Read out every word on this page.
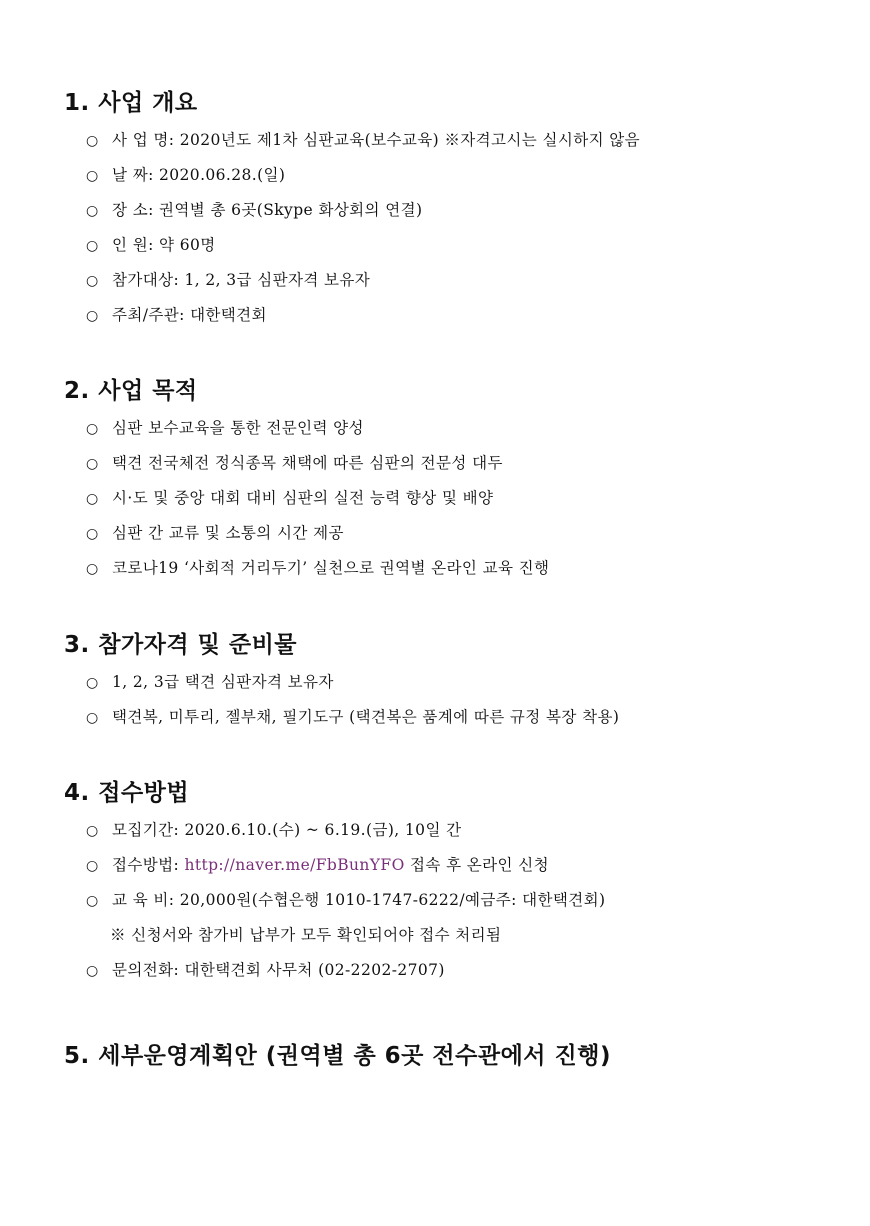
1. 사업 개요
○ 사 업 명: 2020년도 제1차 심판교육(보수교육) ※자격고시는 실시하지 않음
○ 날 짜: 2020.06.28.(일)
○ 장 소: 권역별 총 6곳(Skype 화상회의 연결)
○ 인 원: 약 60명
○ 참가대상: 1, 2, 3급 심판자격 보유자
○ 주최/주관: 대한택견회
2. 사업 목적
○ 심판 보수교육을 통한 전문인력 양성
○ 택견 전국체전 정식종목 채택에 따른 심판의 전문성 대두
○ 시·도 및 중앙 대회 대비 심판의 실전 능력 향상 및 배양
○ 심판 간 교류 및 소통의 시간 제공
○ 코로나19 ‘사회적 거리두기’ 실천으로 권역별 온라인 교육 진행
3. 참가자격 및 준비물
○ 1, 2, 3급 택견 심판자격 보유자
○ 택견복, 미투리, 젤부채, 필기도구 (택견복은 품계에 따른 규정 복장 착용)
4. 접수방법
○ 모집기간: 2020.6.10.(수) ~ 6.19.(금), 10일 간
○ 접수방법: http://naver.me/FbBunYFO 접속 후 온라인 신청
○ 교 육 비: 20,000원(수협은행 1010-1747-6222/예금주: 대한택견회)
※ 신청서와 참가비 납부가 모두 확인되어야 접수 처리됨
○ 문의전화: 대한택견회 사무처 (02-2202-2707)
5. 세부운영계획안 (권역별 총 6곳 전수관에서 진행)
